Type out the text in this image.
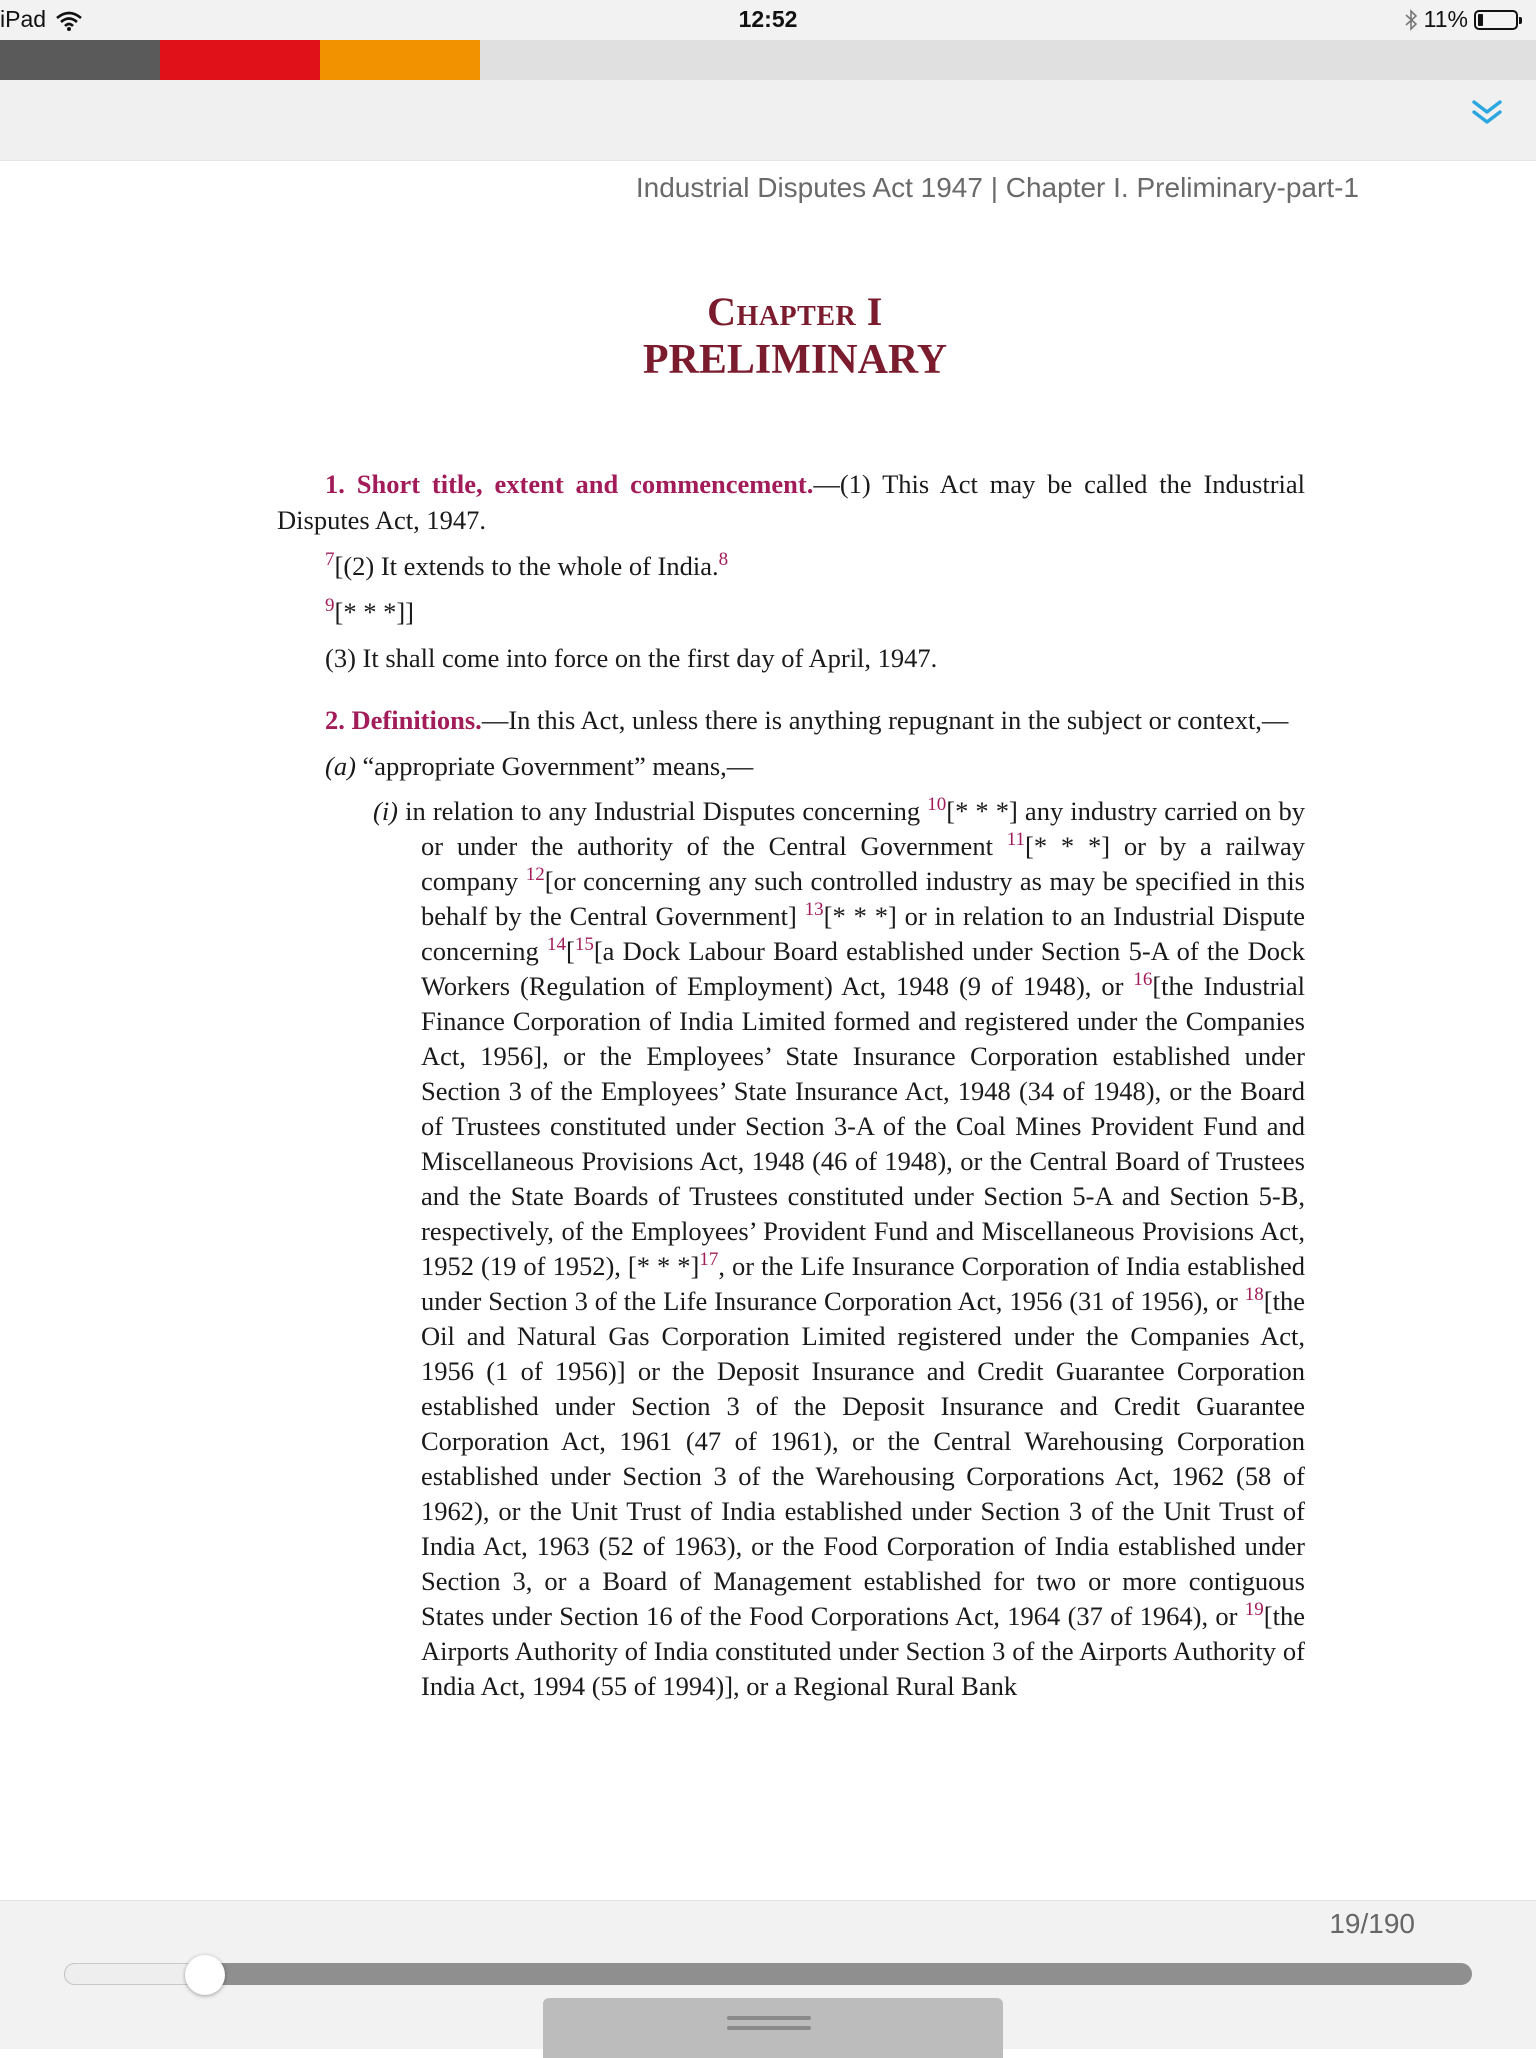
iPad	12:52	11%
Industrial Disputes Act 1947 | Chapter I. Preliminary-part-1
Chapter I
PRELIMINARY

1. Short title, extent and commencement.—(1) This Act may be called the Industrial Disputes Act, 1947.

$^7$[(2) It extends to the whole of India.$^8$

$^9$[* * *]]

(3) It shall come into force on the first day of April, 1947.

2. Definitions.—In this Act, unless there is anything repugnant in the subject or context,—

(a) “appropriate Government” means,—

(i) in relation to any Industrial Disputes concerning $^{10}$[* * *] any industry carried on by or under the authority of the Central Government $^{11}$[* * *] or by a railway company $^{12}$[or concerning any such controlled industry as may be specified in this behalf by the Central Government] $^{13}$[* * *] or in relation to an Industrial Dispute concerning $^{14}$[$^{15}$[a Dock Labour Board established under Section 5-A of the Dock Workers (Regulation of Employment) Act, 1948 (9 of 1948), or $^{16}$[the Industrial Finance Corporation of India Limited formed and registered under the Companies Act, 1956], or the Employees’ State Insurance Corporation established under Section 3 of the Employees’ State Insurance Act, 1948 (34 of 1948), or the Board of Trustees constituted under Section 3-A of the Coal Mines Provident Fund and Miscellaneous Provisions Act, 1948 (46 of 1948), or the Central Board of Trustees and the State Boards of Trustees constituted under Section 5-A and Section 5-B, respectively, of the Employees’ Provident Fund and Miscellaneous Provisions Act, 1952 (19 of 1952), [* * *]$^{17}$, or the Life Insurance Corporation of India established under Section 3 of the Life Insurance Corporation Act, 1956 (31 of 1956), or $^{18}$[the Oil and Natural Gas Corporation Limited registered under the Companies Act, 1956 (1 of 1956)] or the Deposit Insurance and Credit Guarantee Corporation established under Section 3 of the Deposit Insurance and Credit Guarantee Corporation Act, 1961 (47 of 1961), or the Central Warehousing Corporation established under Section 3 of the Warehousing Corporations Act, 1962 (58 of 1962), or the Unit Trust of India established under Section 3 of the Unit Trust of India Act, 1963 (52 of 1963), or the Food Corporation of India established under Section 3, or a Board of Management established for two or more contiguous States under Section 16 of the Food Corporations Act, 1964 (37 of 1964), or $^{19}$[the Airports Authority of India constituted under Section 3 of the Airports Authority of India Act, 1994 (55 of 1994)], or a Regional Rural Bank

19/190
